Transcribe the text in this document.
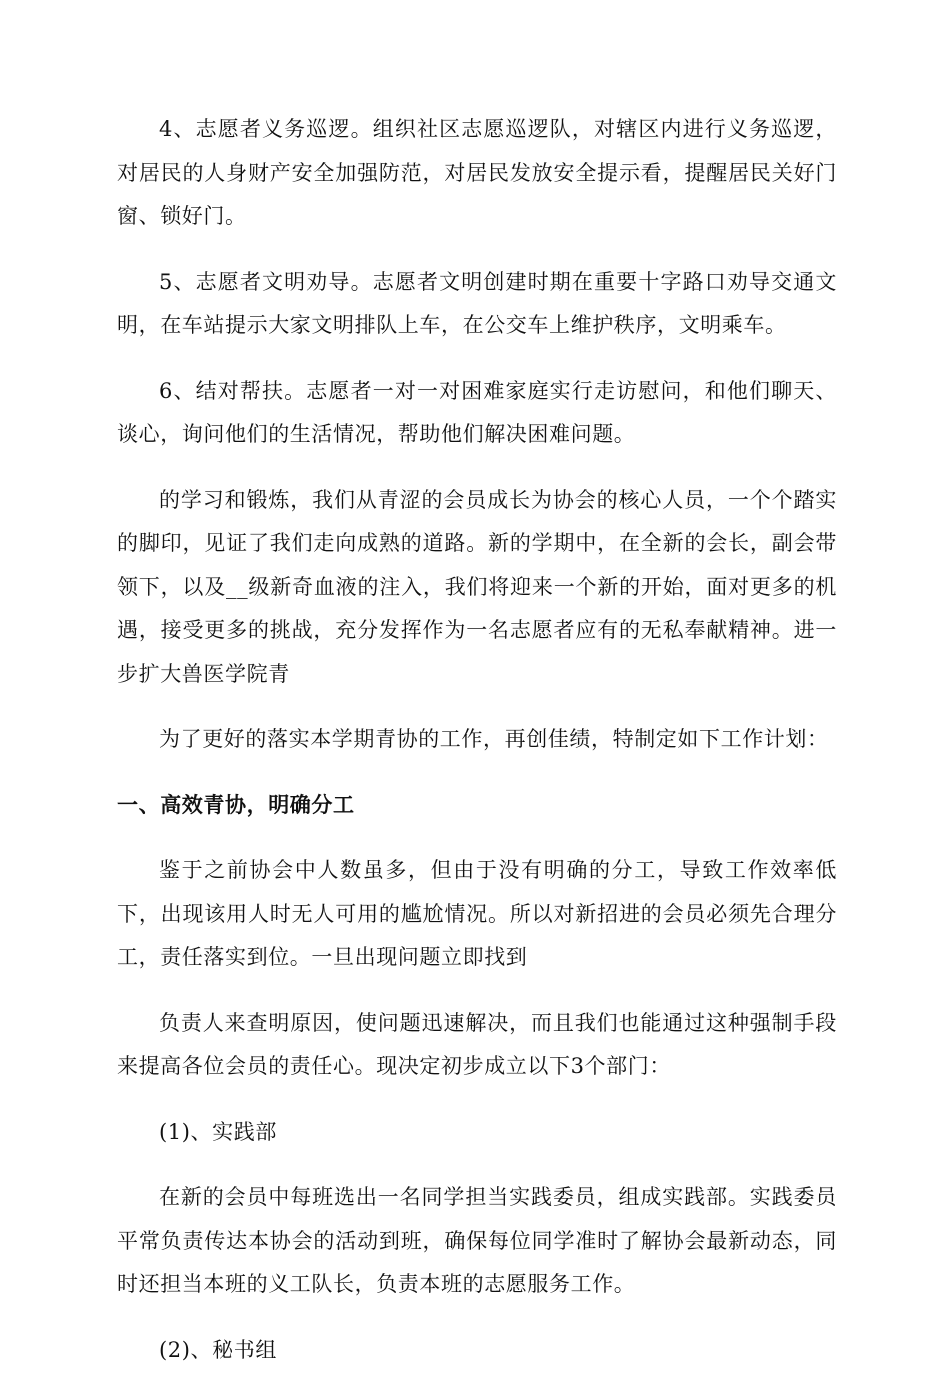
4、志愿者义务巡逻。组织社区志愿巡逻队，对辖区内进行义务巡逻，对居民的人身财产安全加强防范，对居民发放安全提示看，提醒居民关好门窗、锁好门。

5、志愿者文明劝导。志愿者文明创建时期在重要十字路口劝导交通文明，在车站提示大家文明排队上车，在公交车上维护秩序，文明乘车。

6、结对帮扶。志愿者一对一对困难家庭实行走访慰问，和他们聊天、谈心，询问他们的生活情况，帮助他们解决困难问题。

的学习和锻炼，我们从青涩的会员成长为协会的核心人员，一个个踏实的脚印，见证了我们走向成熟的道路。新的学期中，在全新的会长，副会带领下，以及__级新奇血液的注入，我们将迎来一个新的开始，面对更多的机遇，接受更多的挑战，充分发挥作为一名志愿者应有的无私奉献精神。进一步扩大兽医学院青

为了更好的落实本学期青协的工作，再创佳绩，特制定如下工作计划：

一、高效青协，明确分工

鉴于之前协会中人数虽多，但由于没有明确的分工，导致工作效率低下，出现该用人时无人可用的尴尬情况。所以对新招进的会员必须先合理分工，责任落实到位。一旦出现问题立即找到

负责人来查明原因，使问题迅速解决，而且我们也能通过这种强制手段来提高各位会员的责任心。现决定初步成立以下3个部门：

(1)、实践部

在新的会员中每班选出一名同学担当实践委员，组成实践部。实践委员平常负责传达本协会的活动到班，确保每位同学准时了解协会最新动态，同时还担当本班的义工队长，负责本班的志愿服务工作。

(2)、秘书组
